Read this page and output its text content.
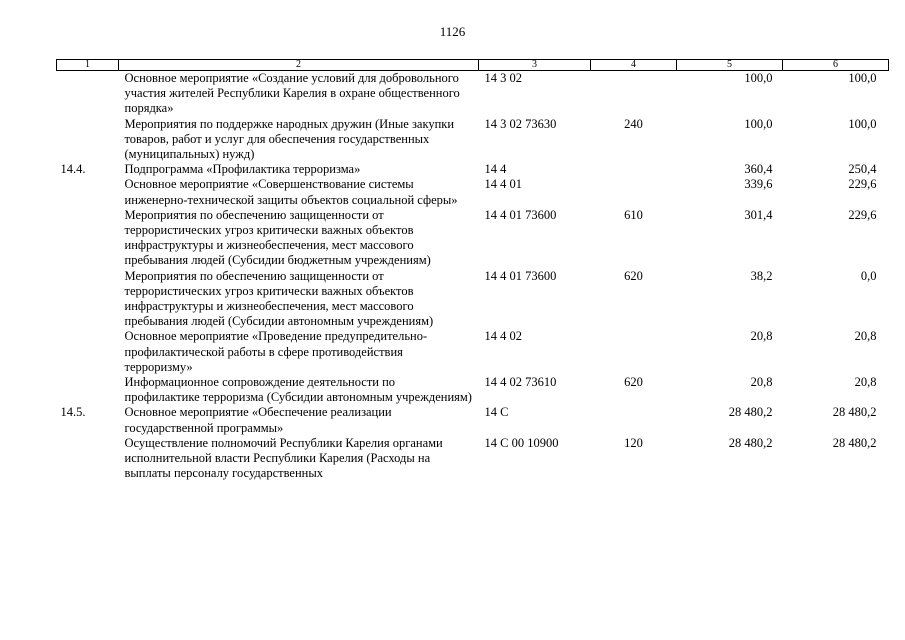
1126
1	2	3	4	5	6
	Основное мероприятие «Создание условий для добровольного участия жителей Республики Карелия в охране общественного порядка»	14 3 02		100,0	100,0
	Мероприятия по поддержке народных дружин (Иные закупки товаров, работ и услуг для обеспечения государственных (муниципальных) нужд)	14 3 02 73630	240	100,0	100,0
14.4.	Подпрограмма «Профилактика терроризма»	14 4		360,4	250,4
	Основное мероприятие «Совершенствование системы инженерно-технической защиты объектов социальной сферы»	14 4 01		339,6	229,6
	Мероприятия по обеспечению защищенности от террористических угроз критически важных объектов инфраструктуры и жизнеобеспечения, мест массового пребывания людей (Субсидии бюджетным учреждениям)	14 4 01 73600	610	301,4	229,6
	Мероприятия по обеспечению защищенности от террористических угроз критически важных объектов инфраструктуры и жизнеобеспечения, мест массового пребывания людей (Субсидии автономным учреждениям)	14 4 01 73600	620	38,2	0,0
	Основное мероприятие «Проведение предупредительно-профилактической работы в сфере противодействия терроризму»	14 4 02		20,8	20,8
	Информационное сопровождение деятельности по профилактике терроризма (Субсидии автономным учреждениям)	14 4 02 73610	620	20,8	20,8
14.5.	Основное мероприятие «Обеспечение реализации государственной программы»	14 С		28 480,2	28 480,2
	Осуществление полномочий Республики Карелия органами исполнительной власти Республики Карелия (Расходы на выплаты персоналу государственных	14 С 00 10900	120	28 480,2	28 480,2
